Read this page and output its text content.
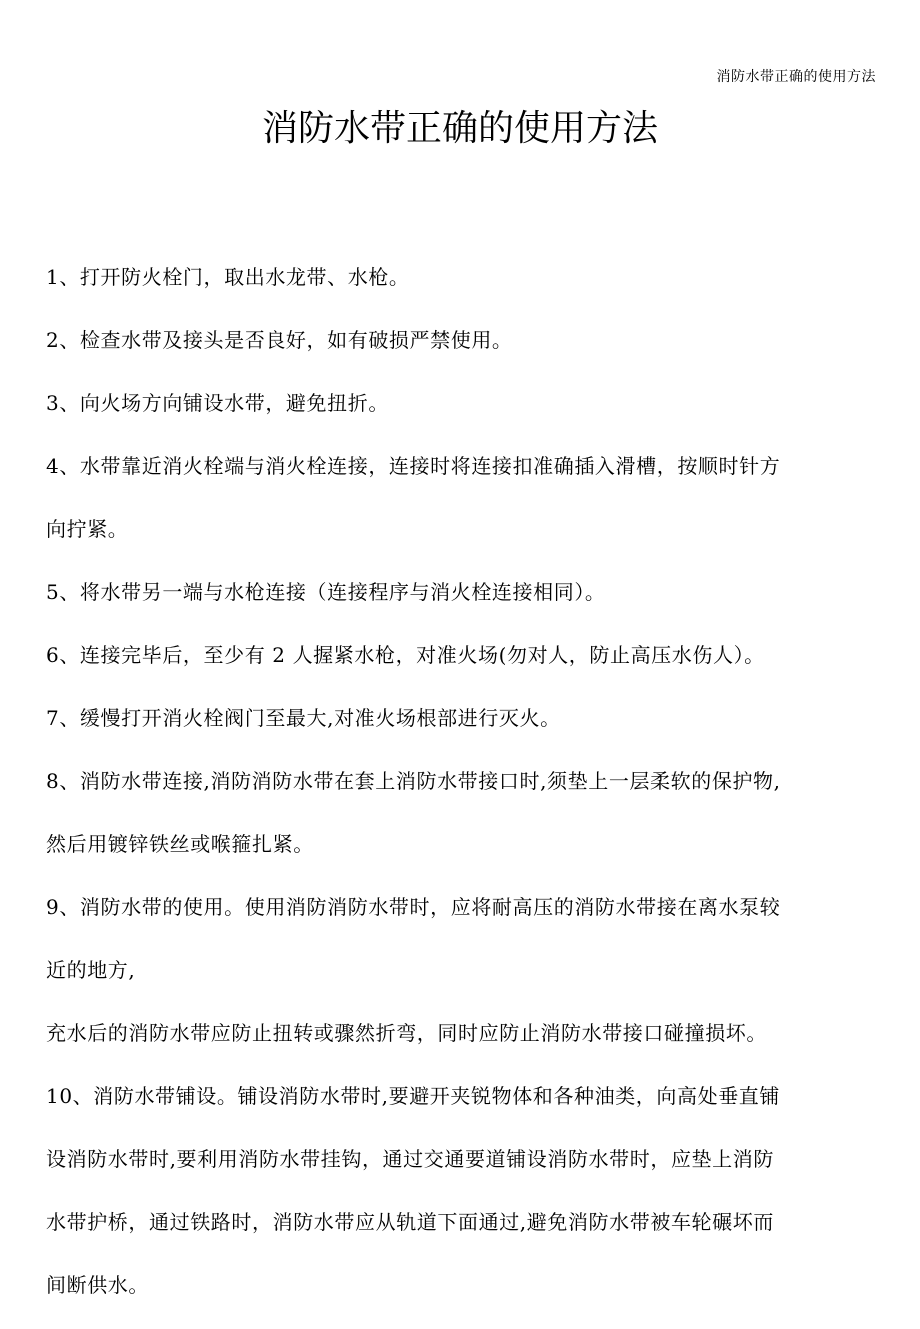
消防水带正确的使用方法
消防水带正确的使用方法
1、打开防火栓门，取出水龙带、水枪。
2、检查水带及接头是否良好，如有破损严禁使用。
3、向火场方向铺设水带，避免扭折。
4、水带靠近消火栓端与消火栓连接，连接时将连接扣准确插入滑槽，按顺时针方
向拧紧。
5、将水带另一端与水枪连接（连接程序与消火栓连接相同）。
6、连接完毕后，至少有 2 人握紧水枪，对准火场(勿对人，防止高压水伤人）。
7、缓慢打开消火栓阀门至最大,对准火场根部进行灭火。
8、消防水带连接,消防消防水带在套上消防水带接口时,须垫上一层柔软的保护物,
然后用镀锌铁丝或喉箍扎紧。
9、消防水带的使用。使用消防消防水带时，应将耐高压的消防水带接在离水泵较
近的地方,
充水后的消防水带应防止扭转或骤然折弯，同时应防止消防水带接口碰撞损坏。
10、消防水带铺设。铺设消防水带时,要避开夹锐物体和各种油类，向高处垂直铺
设消防水带时,要利用消防水带挂钩，通过交通要道铺设消防水带时，应垫上消防
水带护桥，通过铁路时，消防水带应从轨道下面通过,避免消防水带被车轮碾坏而
间断供水。
